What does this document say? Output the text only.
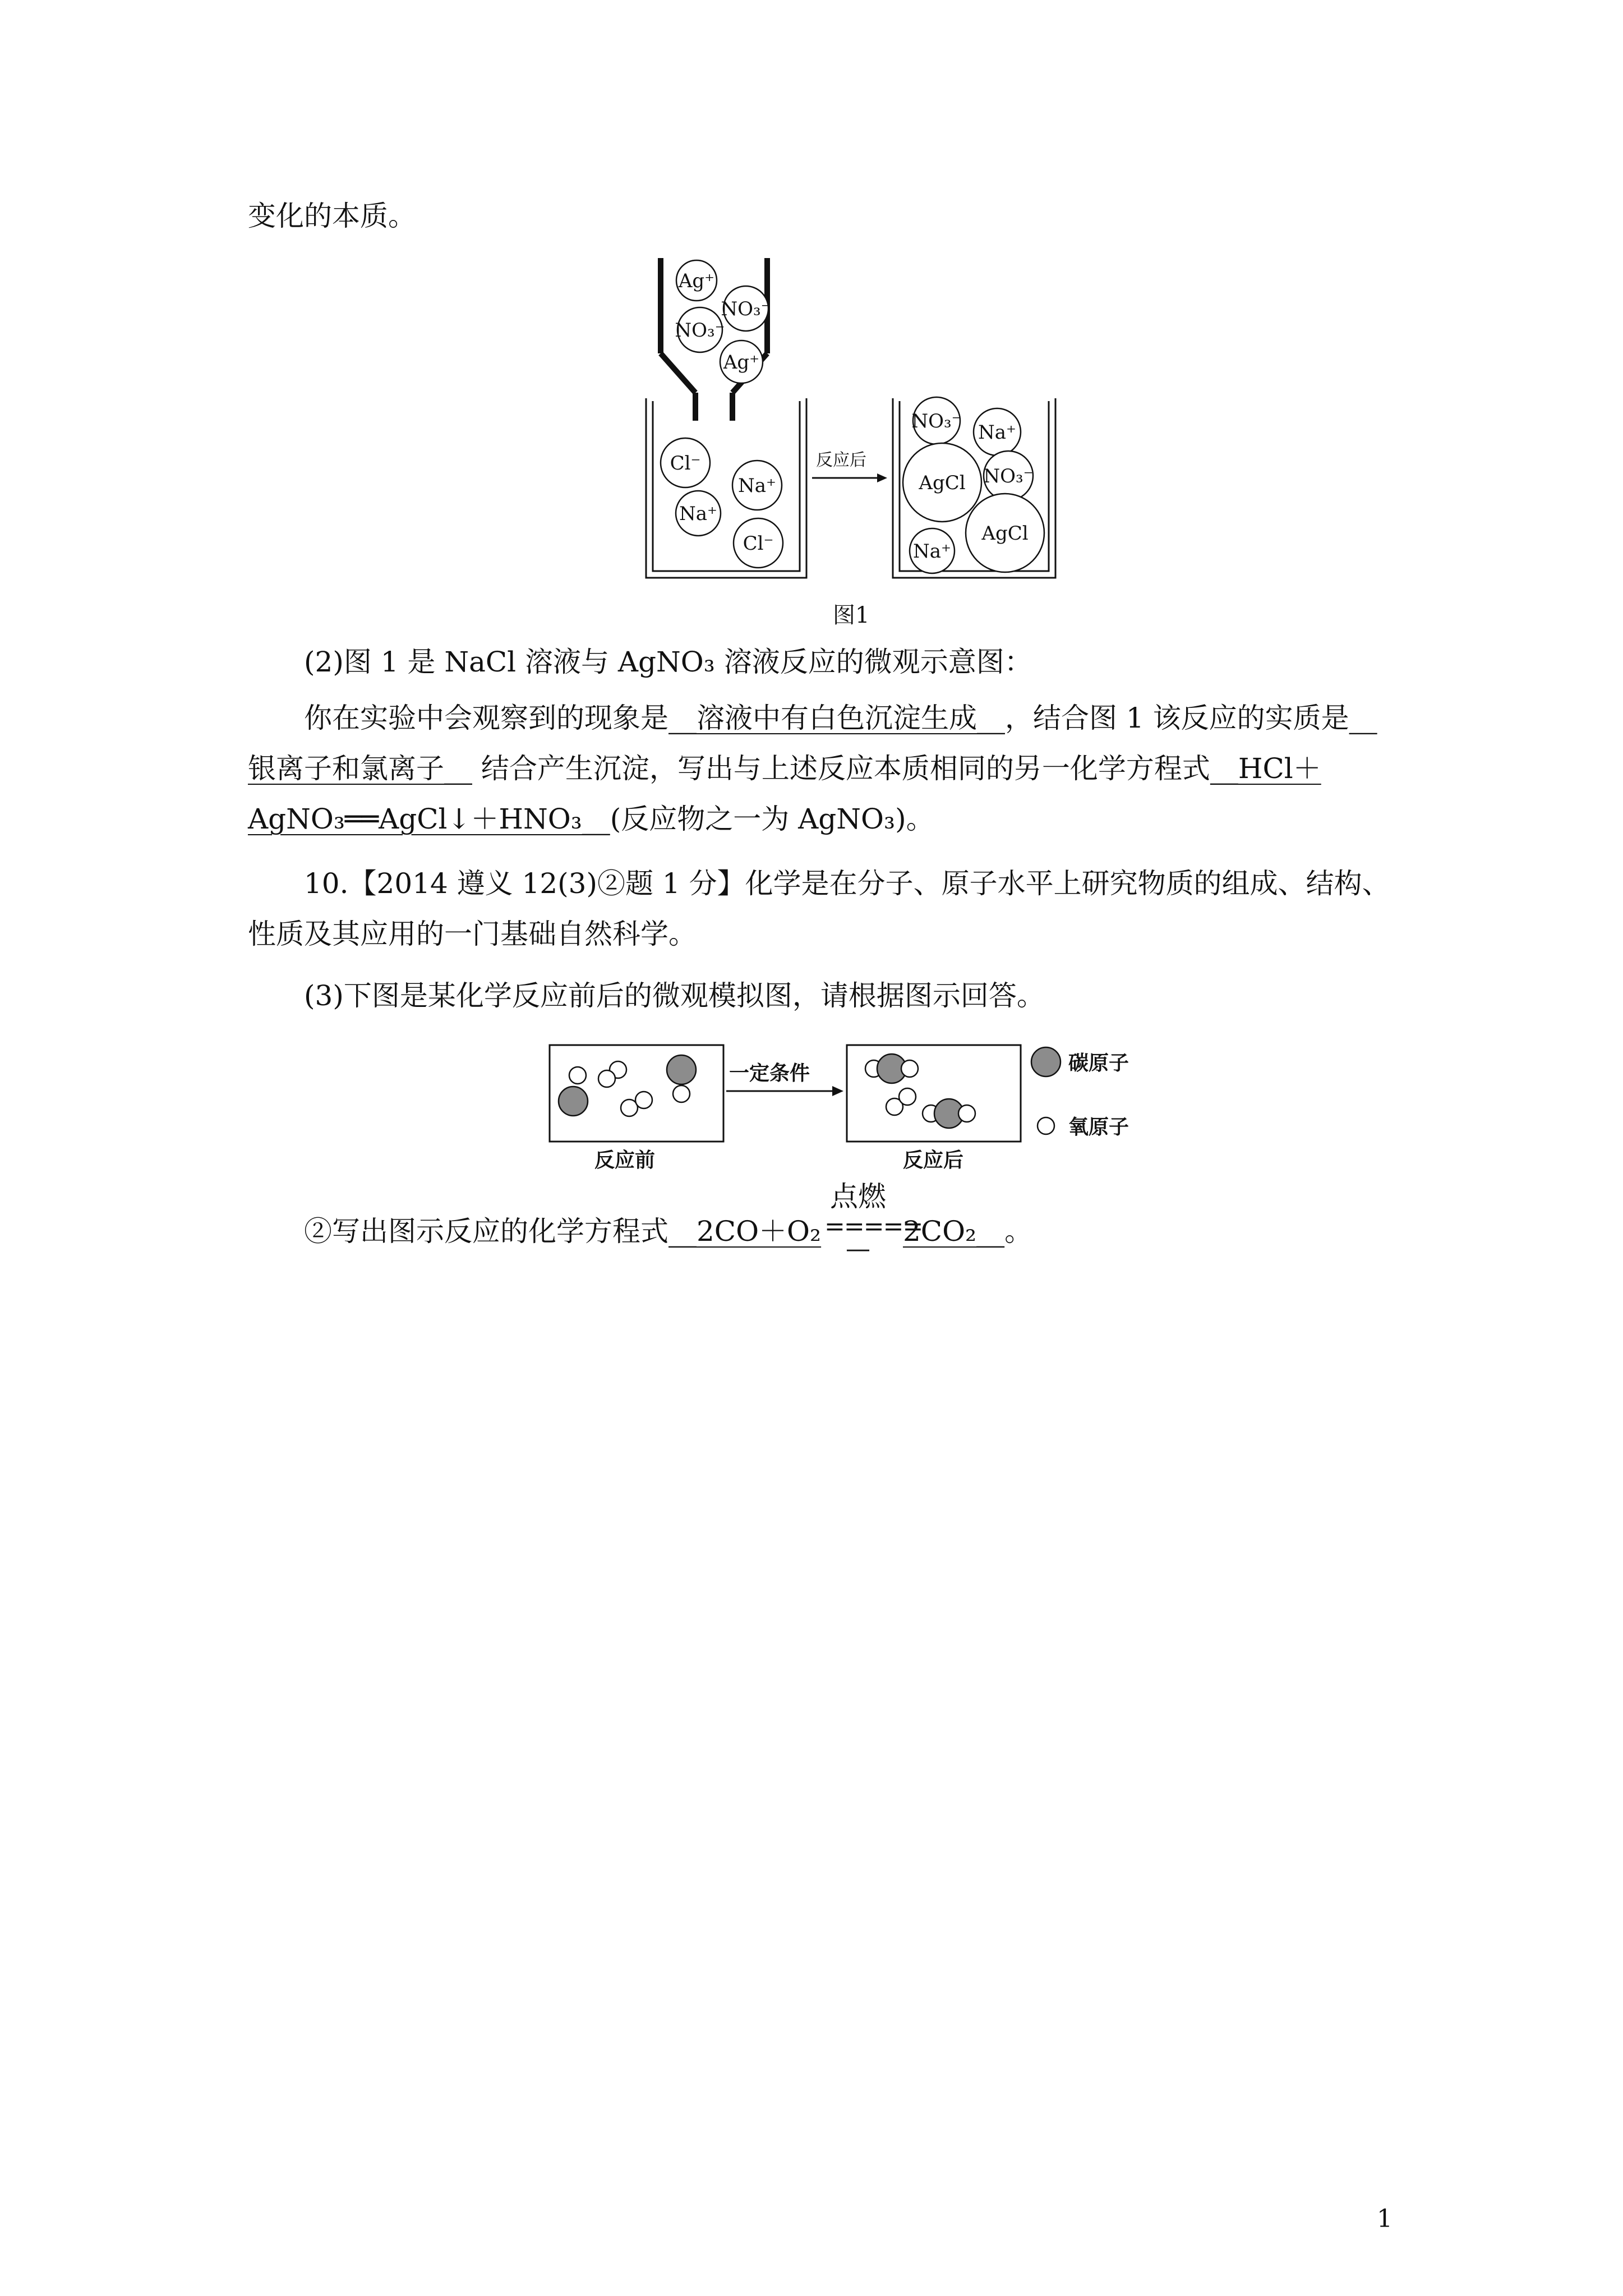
变化的本质。
反应后
Ag⁺
NO₃⁻
NO₃⁻
Ag⁺
Cl⁻
Na⁺
Na⁺
Cl⁻
NO₃⁻ Na⁺
AgCl NO₃⁻
Na⁺
AgCl
图1
(2)图 1 是 NaCl 溶液与 AgNO₃ 溶液反应的微观示意图：
你在实验中会观察到的现象是__溶液中有白色沉淀生成__，结合图 1 该反应的实质是__
银离子和氯离子__ 结合产生沉淀，写出与上述反应本质相同的另一化学方程式__HCl＋
AgNO₃══AgCl↓＋HNO₃__(反应物之一为 AgNO₃)。
10.【2014 遵义 12(3)②题 1 分】化学是在分子、原子水平上研究物质的组成、结构、
性质及其应用的一门基础自然科学。
(3)下图是某化学反应前后的微观模拟图，请根据图示回答。
一定条件	碳原子
氧原子
反应前	反应后
②写出图示反应的化学方程式__2CO＋O₂
点燃
=====
—
2CO₂__。
1
